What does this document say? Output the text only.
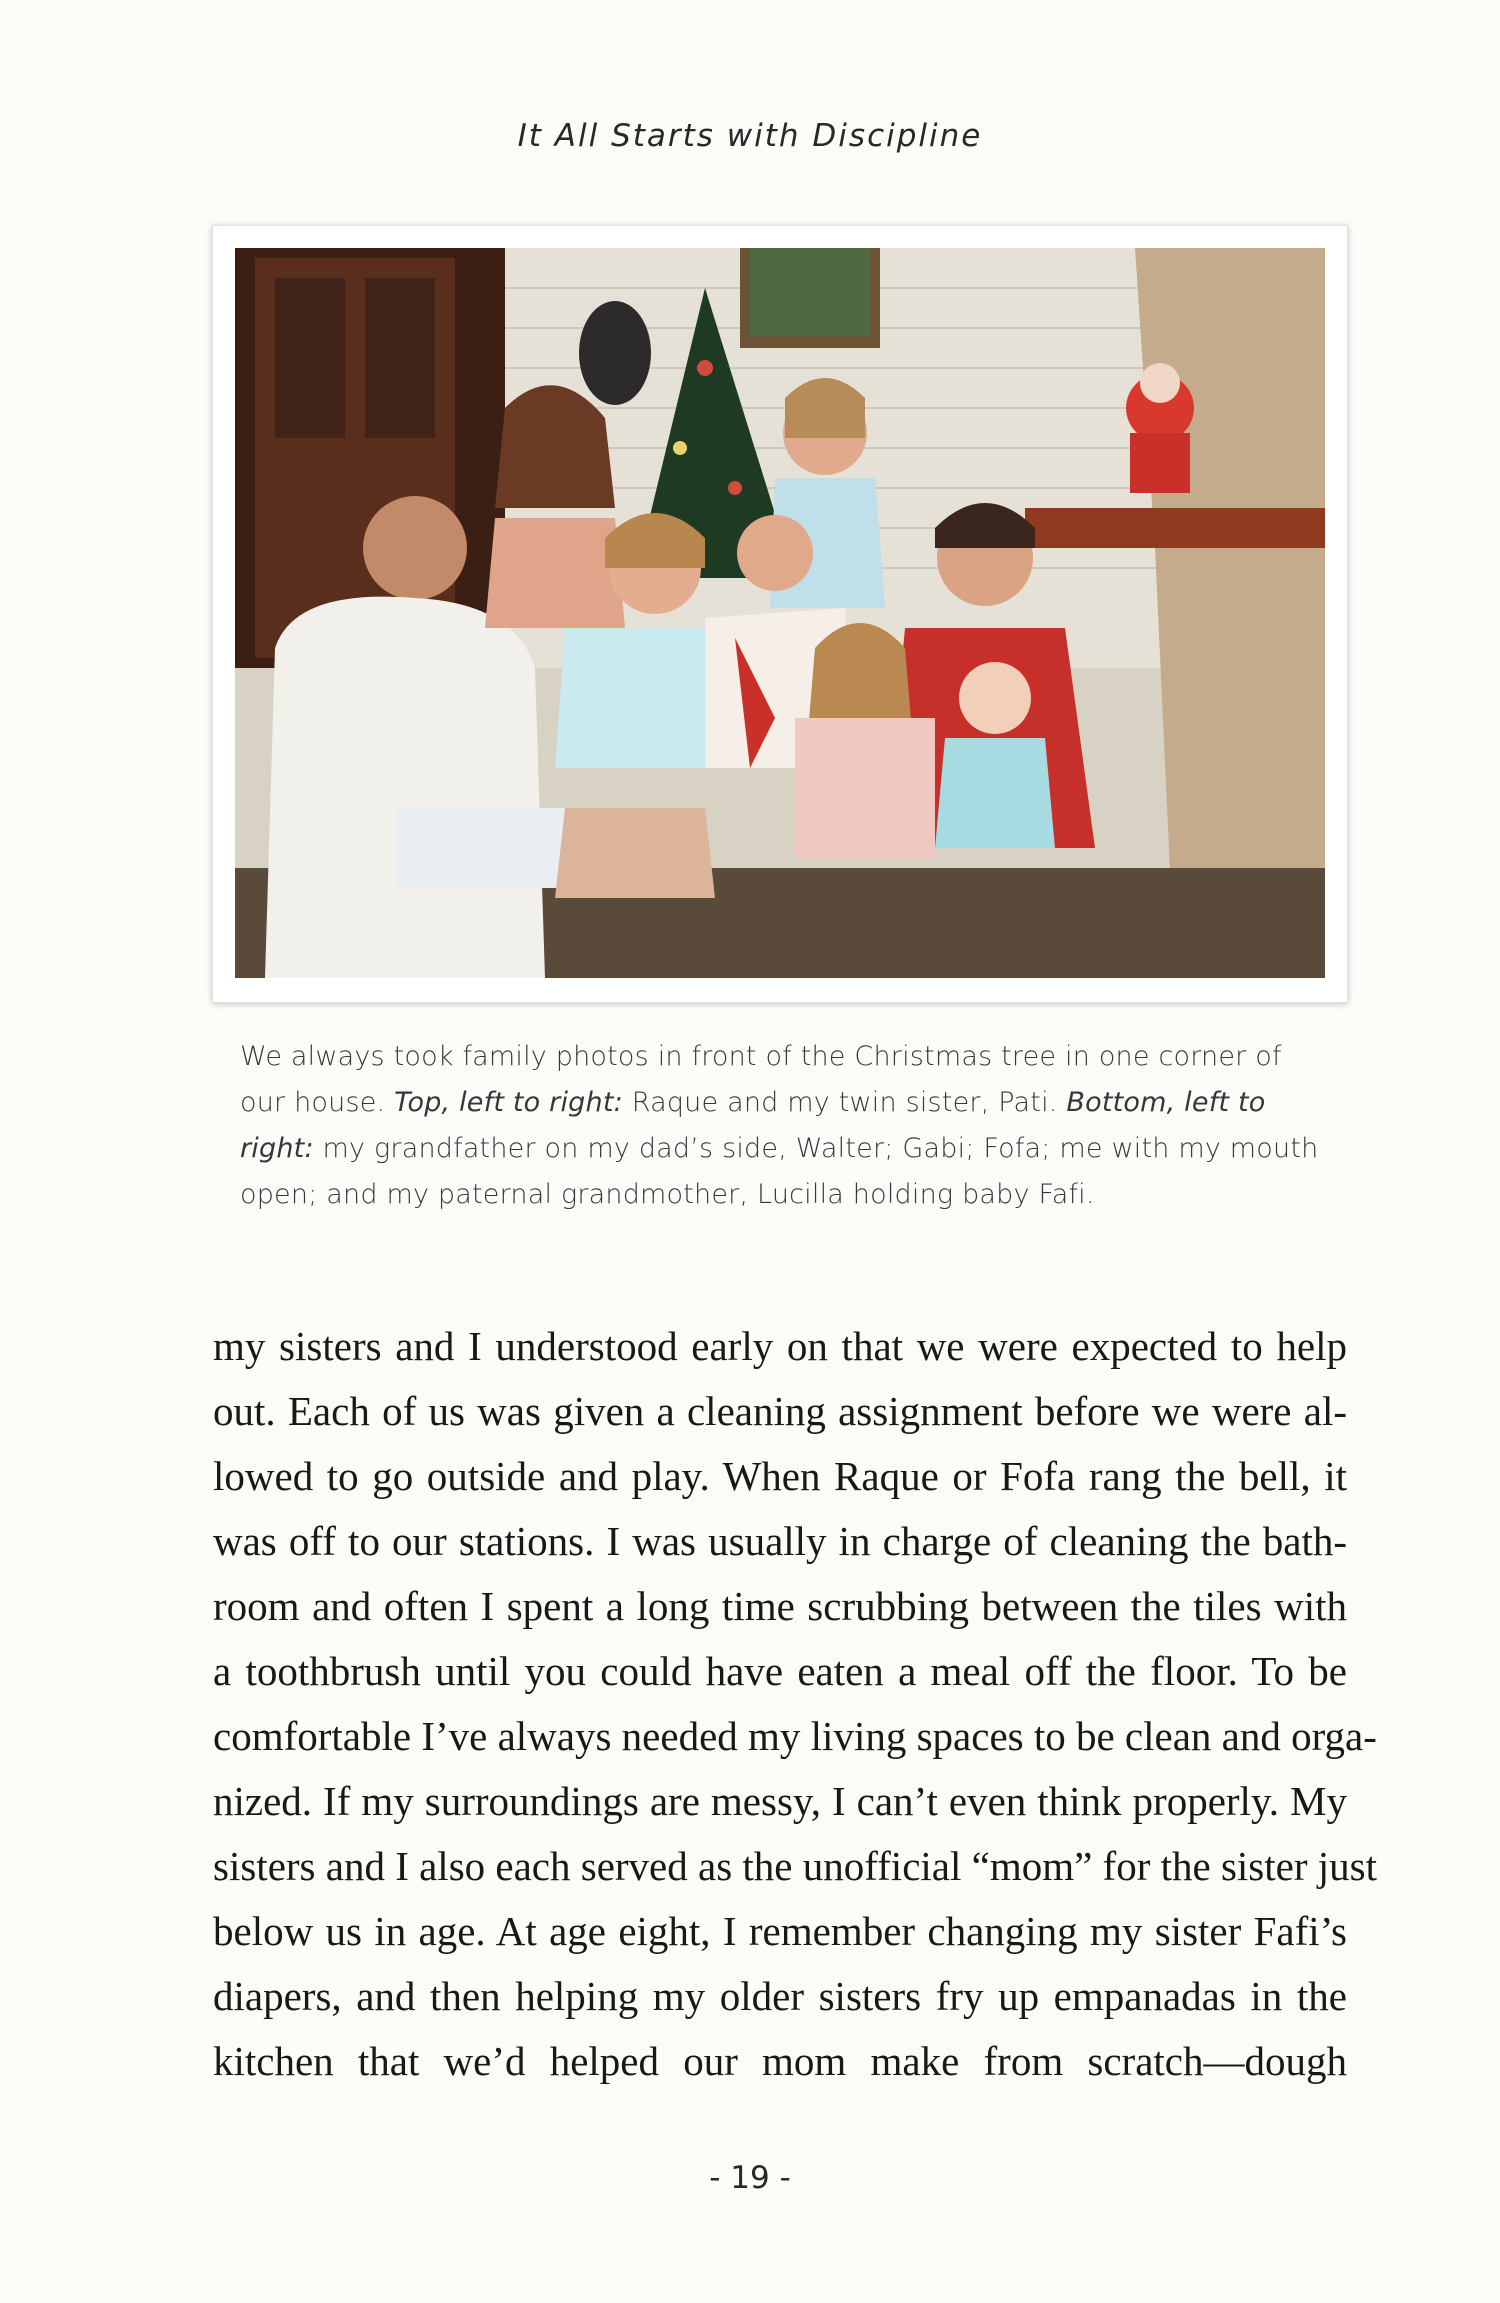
It All Starts with Discipline
We always took family photos in front of the Christmas tree in one corner of our house. Top, left to right: Raque and my twin sister, Pati. Bottom, left to right: my grandfather on my dad’s side, Walter; Gabi; Fofa; me with my mouth open; and my paternal grandmother, Lucilla holding baby Fafi.
my sisters and I understood early on that we were expected to help
out. Each of us was given a cleaning assignment before we were al-
lowed to go outside and play. When Raque or Fofa rang the bell, it
was off to our stations. I was usually in charge of cleaning the bath-
room and often I spent a long time scrubbing between the tiles with
a toothbrush until you could have eaten a meal off the floor. To be
comfortable I’ve always needed my living spaces to be clean and orga-
nized. If my surroundings are messy, I can’t even think properly. My
sisters and I also each served as the unofficial “mom” for the sister just
below us in age. At age eight, I remember changing my sister Fafi’s
diapers, and then helping my older sisters fry up empanadas in the
kitchen that we’d helped our mom make from scratch—dough
- 19 -
